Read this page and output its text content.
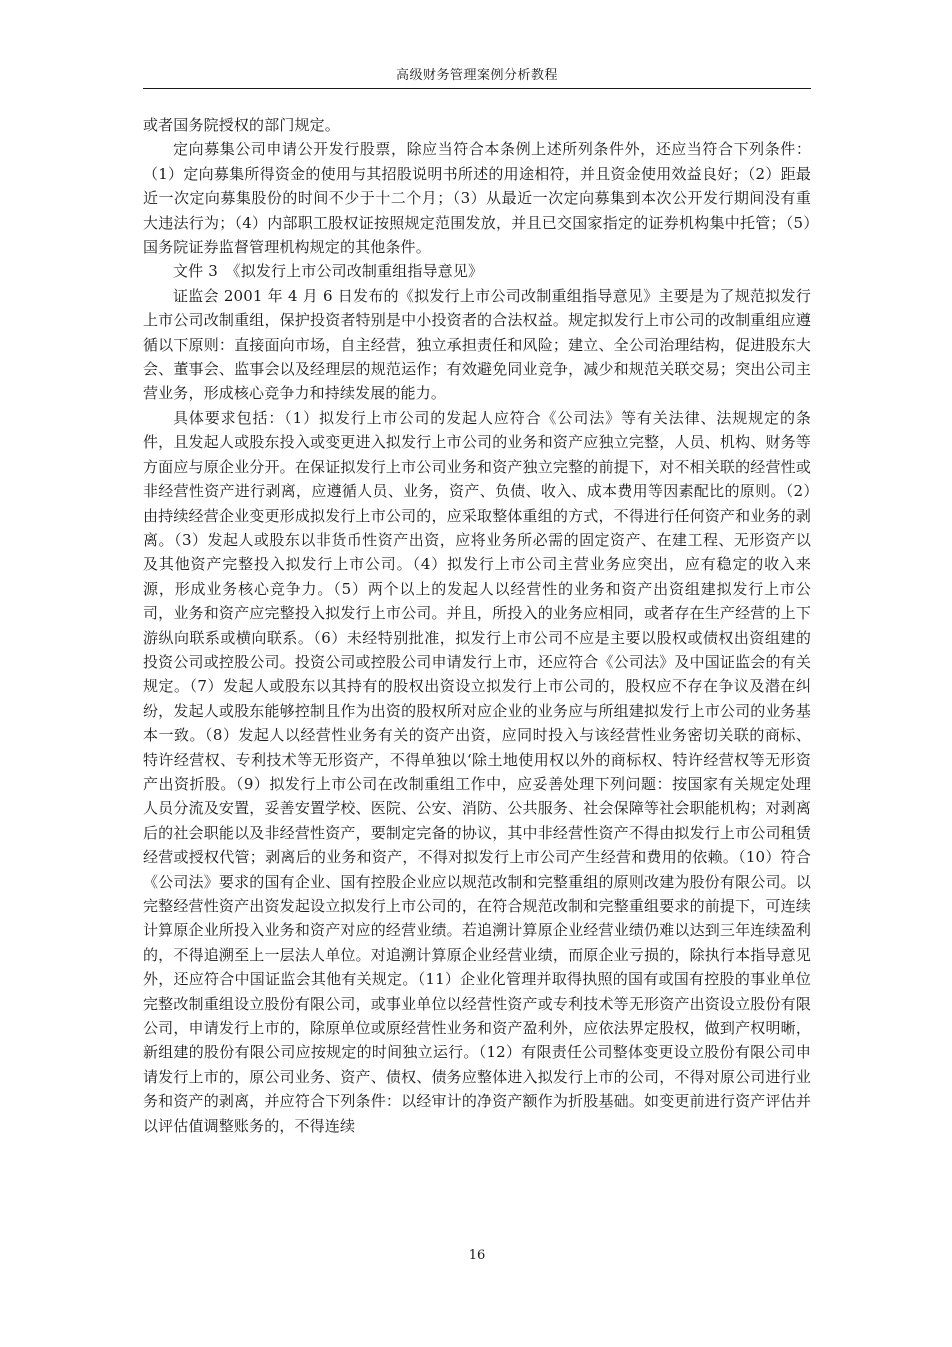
高级财务管理案例分析教程

或者国务院授权的部门规定。

定向募集公司申请公开发行股票，除应当符合本条例上述所列条件外，还应当符合下列条件：（1）定向募集所得资金的使用与其招股说明书所述的用途相符，并且资金使用效益良好；（2）距最近一次定向募集股份的时间不少于十二个月；（3）从最近一次定向募集到本次公开发行期间没有重大违法行为；（4）内部职工股权证按照规定范围发放，并且已交国家指定的证券机构集中托管；（5）国务院证券监督管理机构规定的其他条件。

文件 3　《拟发行上市公司改制重组指导意见》

证监会 2001 年 4 月 6 日发布的《拟发行上市公司改制重组指导意见》主要是为了规范拟发行上市公司改制重组，保护投资者特别是中小投资者的合法权益。规定拟发行上市公司的改制重组应遵循以下原则：直接面向市场，自主经营，独立承担责任和风险；建立、全公司治理结构，促进股东大会、董事会、监事会以及经理层的规范运作；有效避免同业竞争，减少和规范关联交易；突出公司主营业务，形成核心竞争力和持续发展的能力。

具体要求包括：（1）拟发行上市公司的发起人应符合《公司法》等有关法律、法规规定的条件，且发起人或股东投入或变更进入拟发行上市公司的业务和资产应独立完整，人员、机构、财务等方面应与原企业分开。在保证拟发行上市公司业务和资产独立完整的前提下，对不相关联的经营性或非经营性资产进行剥离，应遵循人员、业务，资产、负债、收入、成本费用等因素配比的原则。（2）由持续经营企业变更形成拟发行上市公司的，应采取整体重组的方式，不得进行任何资产和业务的剥离。（3）发起人或股东以非货币性资产出资，应将业务所必需的固定资产、在建工程、无形资产以及其他资产完整投入拟发行上市公司。（4）拟发行上市公司主营业务应突出，应有稳定的收入来源，形成业务核心竞争力。（5）两个以上的发起人以经营性的业务和资产出资组建拟发行上市公司，业务和资产应完整投入拟发行上市公司。并且，所投入的业务应相同，或者存在生产经营的上下游纵向联系或横向联系。（6）未经特别批准，拟发行上市公司不应是主要以股权或债权出资组建的投资公司或控股公司。投资公司或控股公司申请发行上市，还应符合《公司法》及中国证监会的有关规定。（7）发起人或股东以其持有的股权出资设立拟发行上市公司的，股权应不存在争议及潜在纠纷，发起人或股东能够控制且作为出资的股权所对应企业的业务应与所组建拟发行上市公司的业务基本一致。（8）发起人以经营性业务有关的资产出资，应同时投入与该经营性业务密切关联的商标、特许经营权、专利技术等无形资产，不得单独以‘除土地使用权以外的商标权、特许经营权等无形资产出资折股。（9）拟发行上市公司在改制重组工作中，应妥善处理下列问题：按国家有关规定处理人员分流及安置，妥善安置学校、医院、公安、消防、公共服务、社会保障等社会职能机构；对剥离后的社会职能以及非经营性资产，要制定完备的协议，其中非经营性资产不得由拟发行上市公司租赁经营或授权代管；剥离后的业务和资产，不得对拟发行上市公司产生经营和费用的依赖。（10）符合《公司法》要求的国有企业、国有控股企业应以规范改制和完整重组的原则改建为股份有限公司。以完整经营性资产出资发起设立拟发行上市公司的，在符合规范改制和完整重组要求的前提下，可连续计算原企业所投入业务和资产对应的经营业绩。若追溯计算原企业经营业绩仍难以达到三年连续盈利的，不得追溯至上一层法人单位。对追溯计算原企业经营业绩，而原企业亏损的，除执行本指导意见外，还应符合中国证监会其他有关规定。（11）企业化管理并取得执照的国有或国有控股的事业单位完整改制重组设立股份有限公司，或事业单位以经营性资产或专利技术等无形资产出资设立股份有限公司，申请发行上市的，除原单位或原经营性业务和资产盈利外，应依法界定股权，做到产权明晰，新组建的股份有限公司应按规定的时间独立运行。（12）有限责任公司整体变更设立股份有限公司申请发行上市的，原公司业务、资产、债权、债务应整体进入拟发行上市的公司，不得对原公司进行业务和资产的剥离，并应符合下列条件：以经审计的净资产额作为折股基础。如变更前进行资产评估并以评估值调整账务的，不得连续

16
